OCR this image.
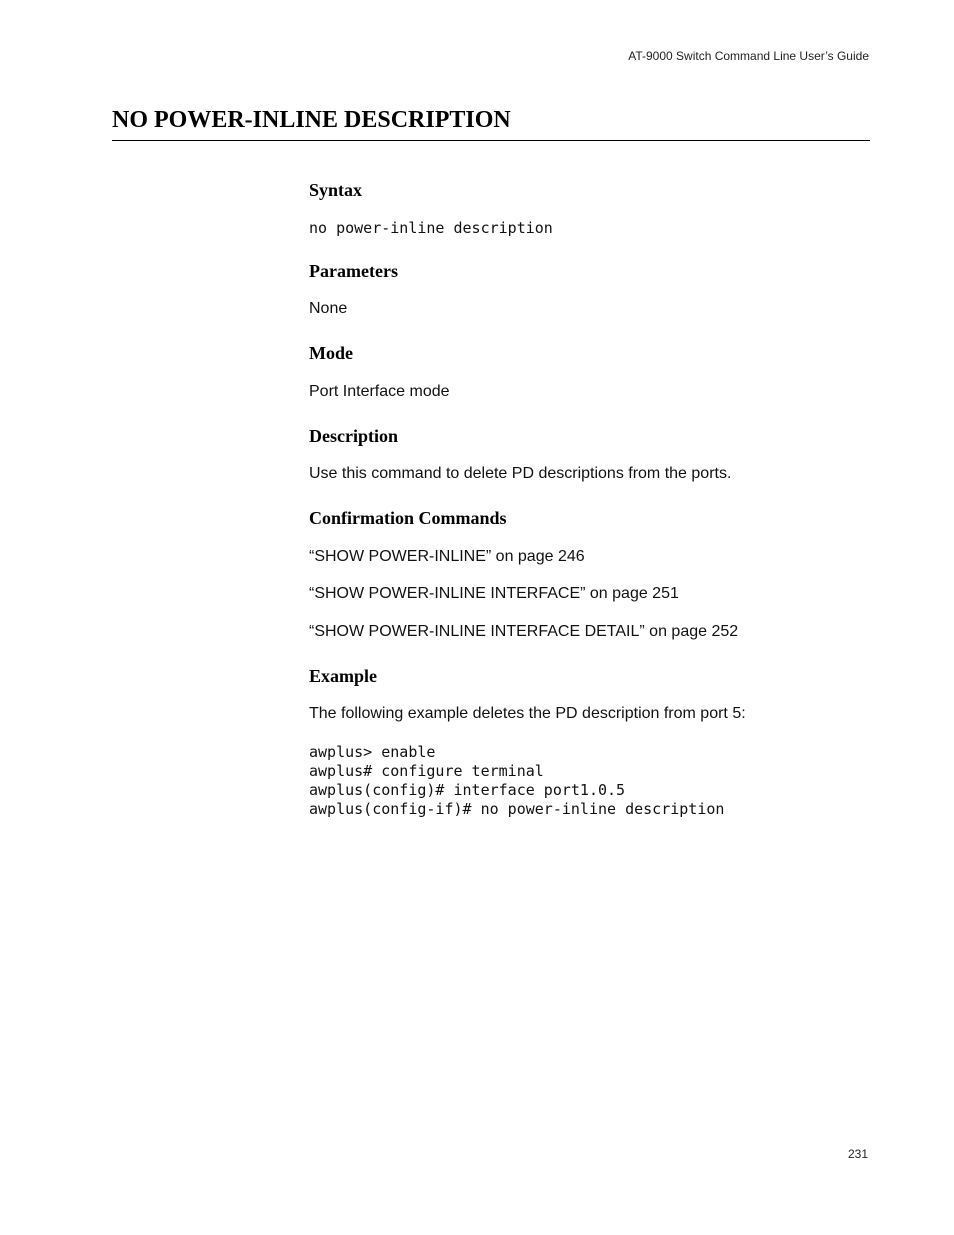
AT-9000 Switch Command Line User’s Guide
NO POWER-INLINE DESCRIPTION
Syntax
no power-inline description
Parameters

None

Mode

Port Interface mode

Description

Use this command to delete PD descriptions from the ports.

Confirmation Commands

“SHOW POWER-INLINE” on page 246

“SHOW POWER-INLINE INTERFACE” on page 251

“SHOW POWER-INLINE INTERFACE DETAIL” on page 252

Example

The following example deletes the PD description from port 5:

awplus> enable
awplus# configure terminal
awplus(config)# interface port1.0.5
awplus(config-if)# no power-inline description
231
